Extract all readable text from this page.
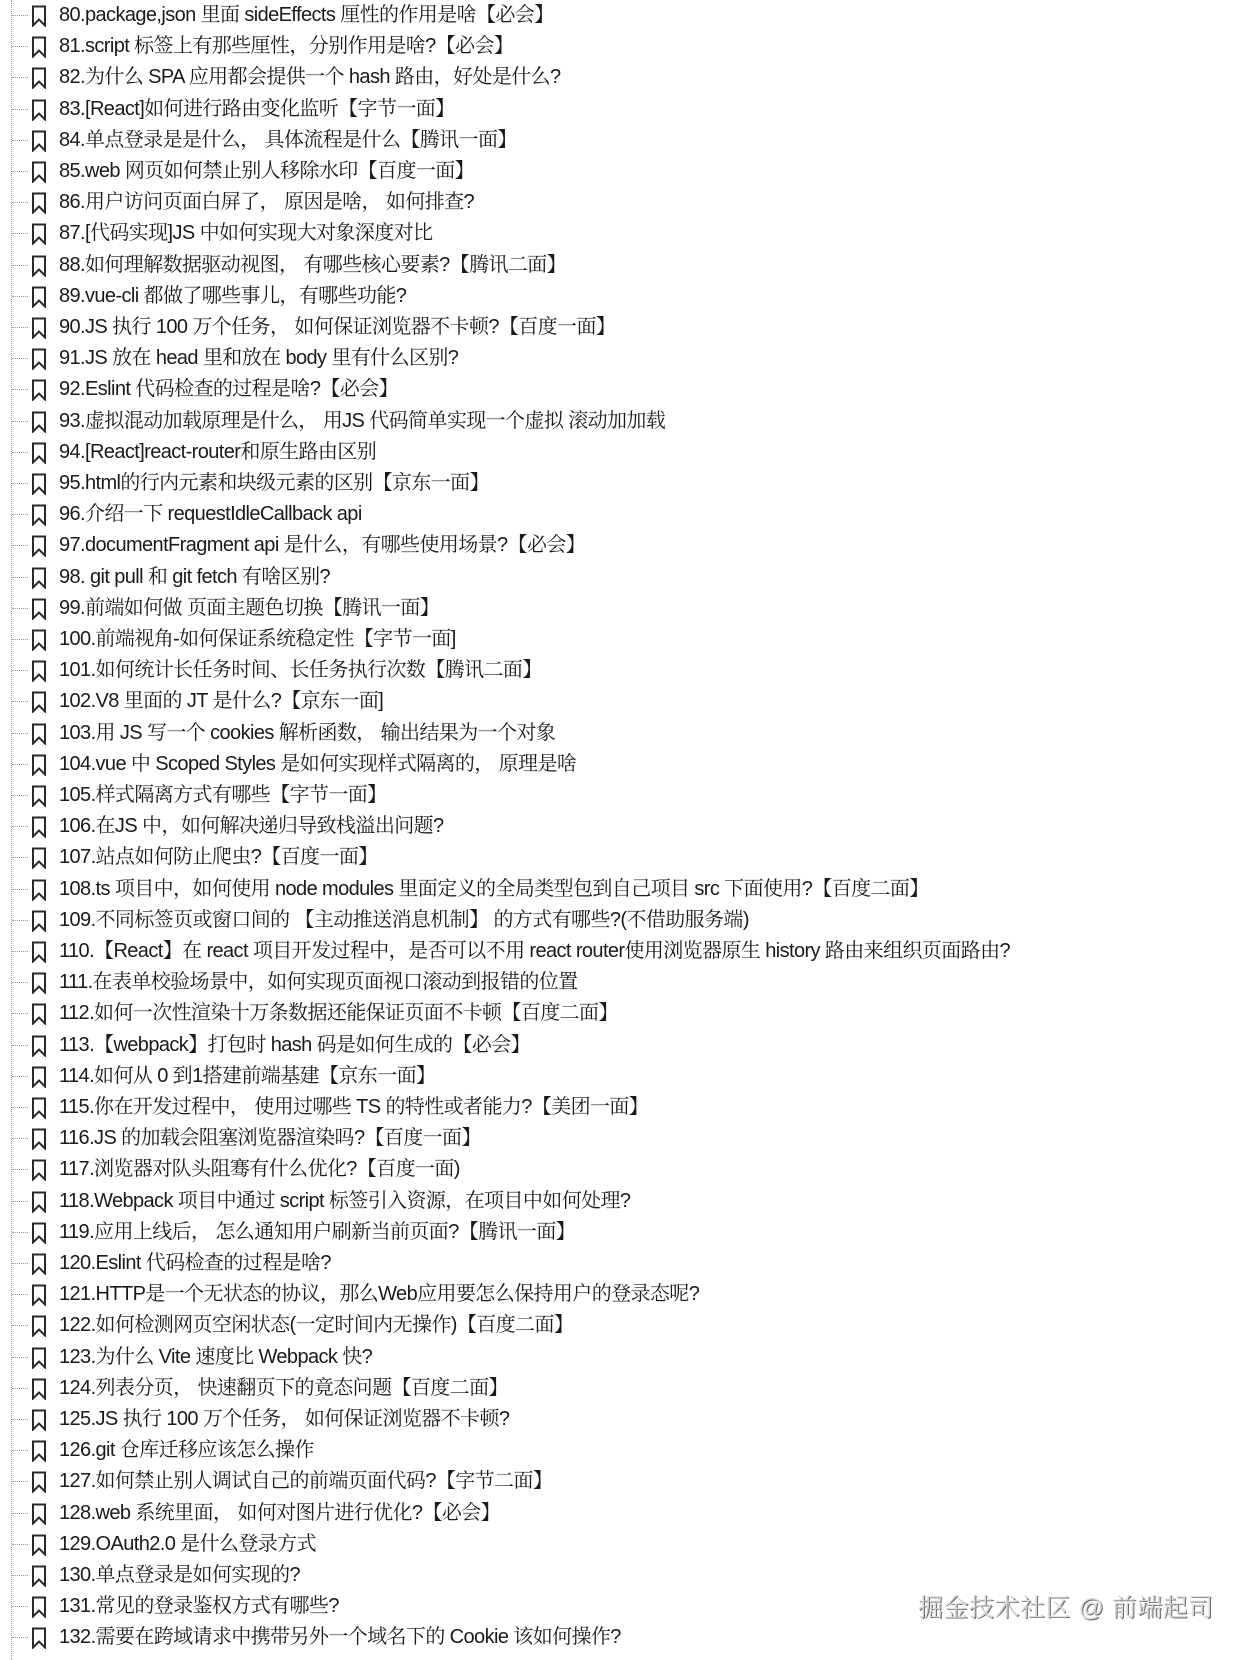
80.package,json 里面 sideEffects 厘性的作用是啥【必会】
81.script 标签上有那些厘性，分别作用是啥?【必会】
82.为什么 SPA 应用都会提供一个 hash 路由，好处是什么?
83.[React]如何进行路由变化监听【字节一面】
84.单点登录是是什么， 具体流程是什么【腾讯一面】
85.web 网页如何禁止别人移除水印【百度一面】
86.用户访问页面白屏了， 原因是啥， 如何排查?
87.[代码实现]JS 中如何实现大对象深度对比
88.如何理解数据驱动视图， 有哪些核心要素?【腾讯二面】
89.vue-cli 都做了哪些事儿，有哪些功能?
90.JS 执行 100 万个任务， 如何保证浏览器不卡顿?【百度一面】
91.JS 放在 head 里和放在 body 里有什么区别?
92.Eslint 代码检查的过程是啥?【必会】
93.虚拟混动加载原理是什么， 用JS 代码简单实现一个虚拟 滚动加加载
94.[React]react-router和原生路由区别
95.html的行内元素和块级元素的区别【京东一面】
96.介绍一下 requestIdleCallback api
97.documentFragment api 是什么，有哪些使用场景?【必会】
98. git pull 和 git fetch 有啥区别?
99.前端如何做 页面主题色切换【腾讯一面】
100.前端视角-如何保证系统稳定性【字节一面]
101.如何统计长任务时间、长任务执行次数【腾讯二面】
102.V8 里面的 JT 是什么?【京东一面]
103.用 JS 写一个 cookies 解析函数， 输出结果为一个对象
104.vue 中 Scoped Styles 是如何实现样式隔离的， 原理是啥
105.样式隔离方式有哪些【字节一面】
106.在JS 中，如何解决递归导致栈溢出问题?
107.站点如何防止爬虫?【百度一面】
108.ts 项目中，如何使用 node modules 里面定义的全局类型包到自己项目 src 下面使用?【百度二面】
109.不同标签页或窗口间的 【主动推送消息机制】 的方式有哪些?(不借助服务端)
110.【React】在 react 项目开发过程中，是否可以不用 react router使用浏览器原生 history 路由来组织页面路由?
111.在表单校验场景中，如何实现页面视口滚动到报错的位置
112.如何一次性渲染十万条数据还能保证页面不卡顿【百度二面】
113.【webpack】打包时 hash 码是如何生成的【必会】
114.如何从 0 到1搭建前端基建【京东一面】
115.你在开发过程中， 使用过哪些 TS 的特性或者能力?【美团一面】
116.JS 的加载会阻塞浏览器渲染吗?【百度一面】
117.浏览器对队头阻骞有什么优化?【百度一面)
118.Webpack 项目中通过 script 标签引入资源，在项目中如何处理?
119.应用上线后， 怎么通知用户刷新当前页面?【腾讯一面】
120.Eslint 代码检查的过程是啥?
121.HTTP是一个无状态的协议，那么Web应用要怎么保持用户的登录态呢?
122.如何检测网页空闲状态(一定时间内无操作)【百度二面】
123.为什么 Vite 速度比 Webpack 快?
124.列表分页， 快速翻页下的竟态问题【百度二面】
125.JS 执行 100 万个任务， 如何保证浏览器不卡顿?
126.git 仓库迁移应该怎么操作
127.如何禁止别人调试自己的前端页面代码?【字节二面】
128.web 系统里面， 如何对图片进行优化?【必会】
129.OAuth2.0 是什么登录方式
130.单点登录是如何实现的?
131.常见的登录鉴权方式有哪些?
132.需要在跨域请求中携带另外一个域名下的 Cookie 该如何操作?
掘金技术社区 @ 前端起司
